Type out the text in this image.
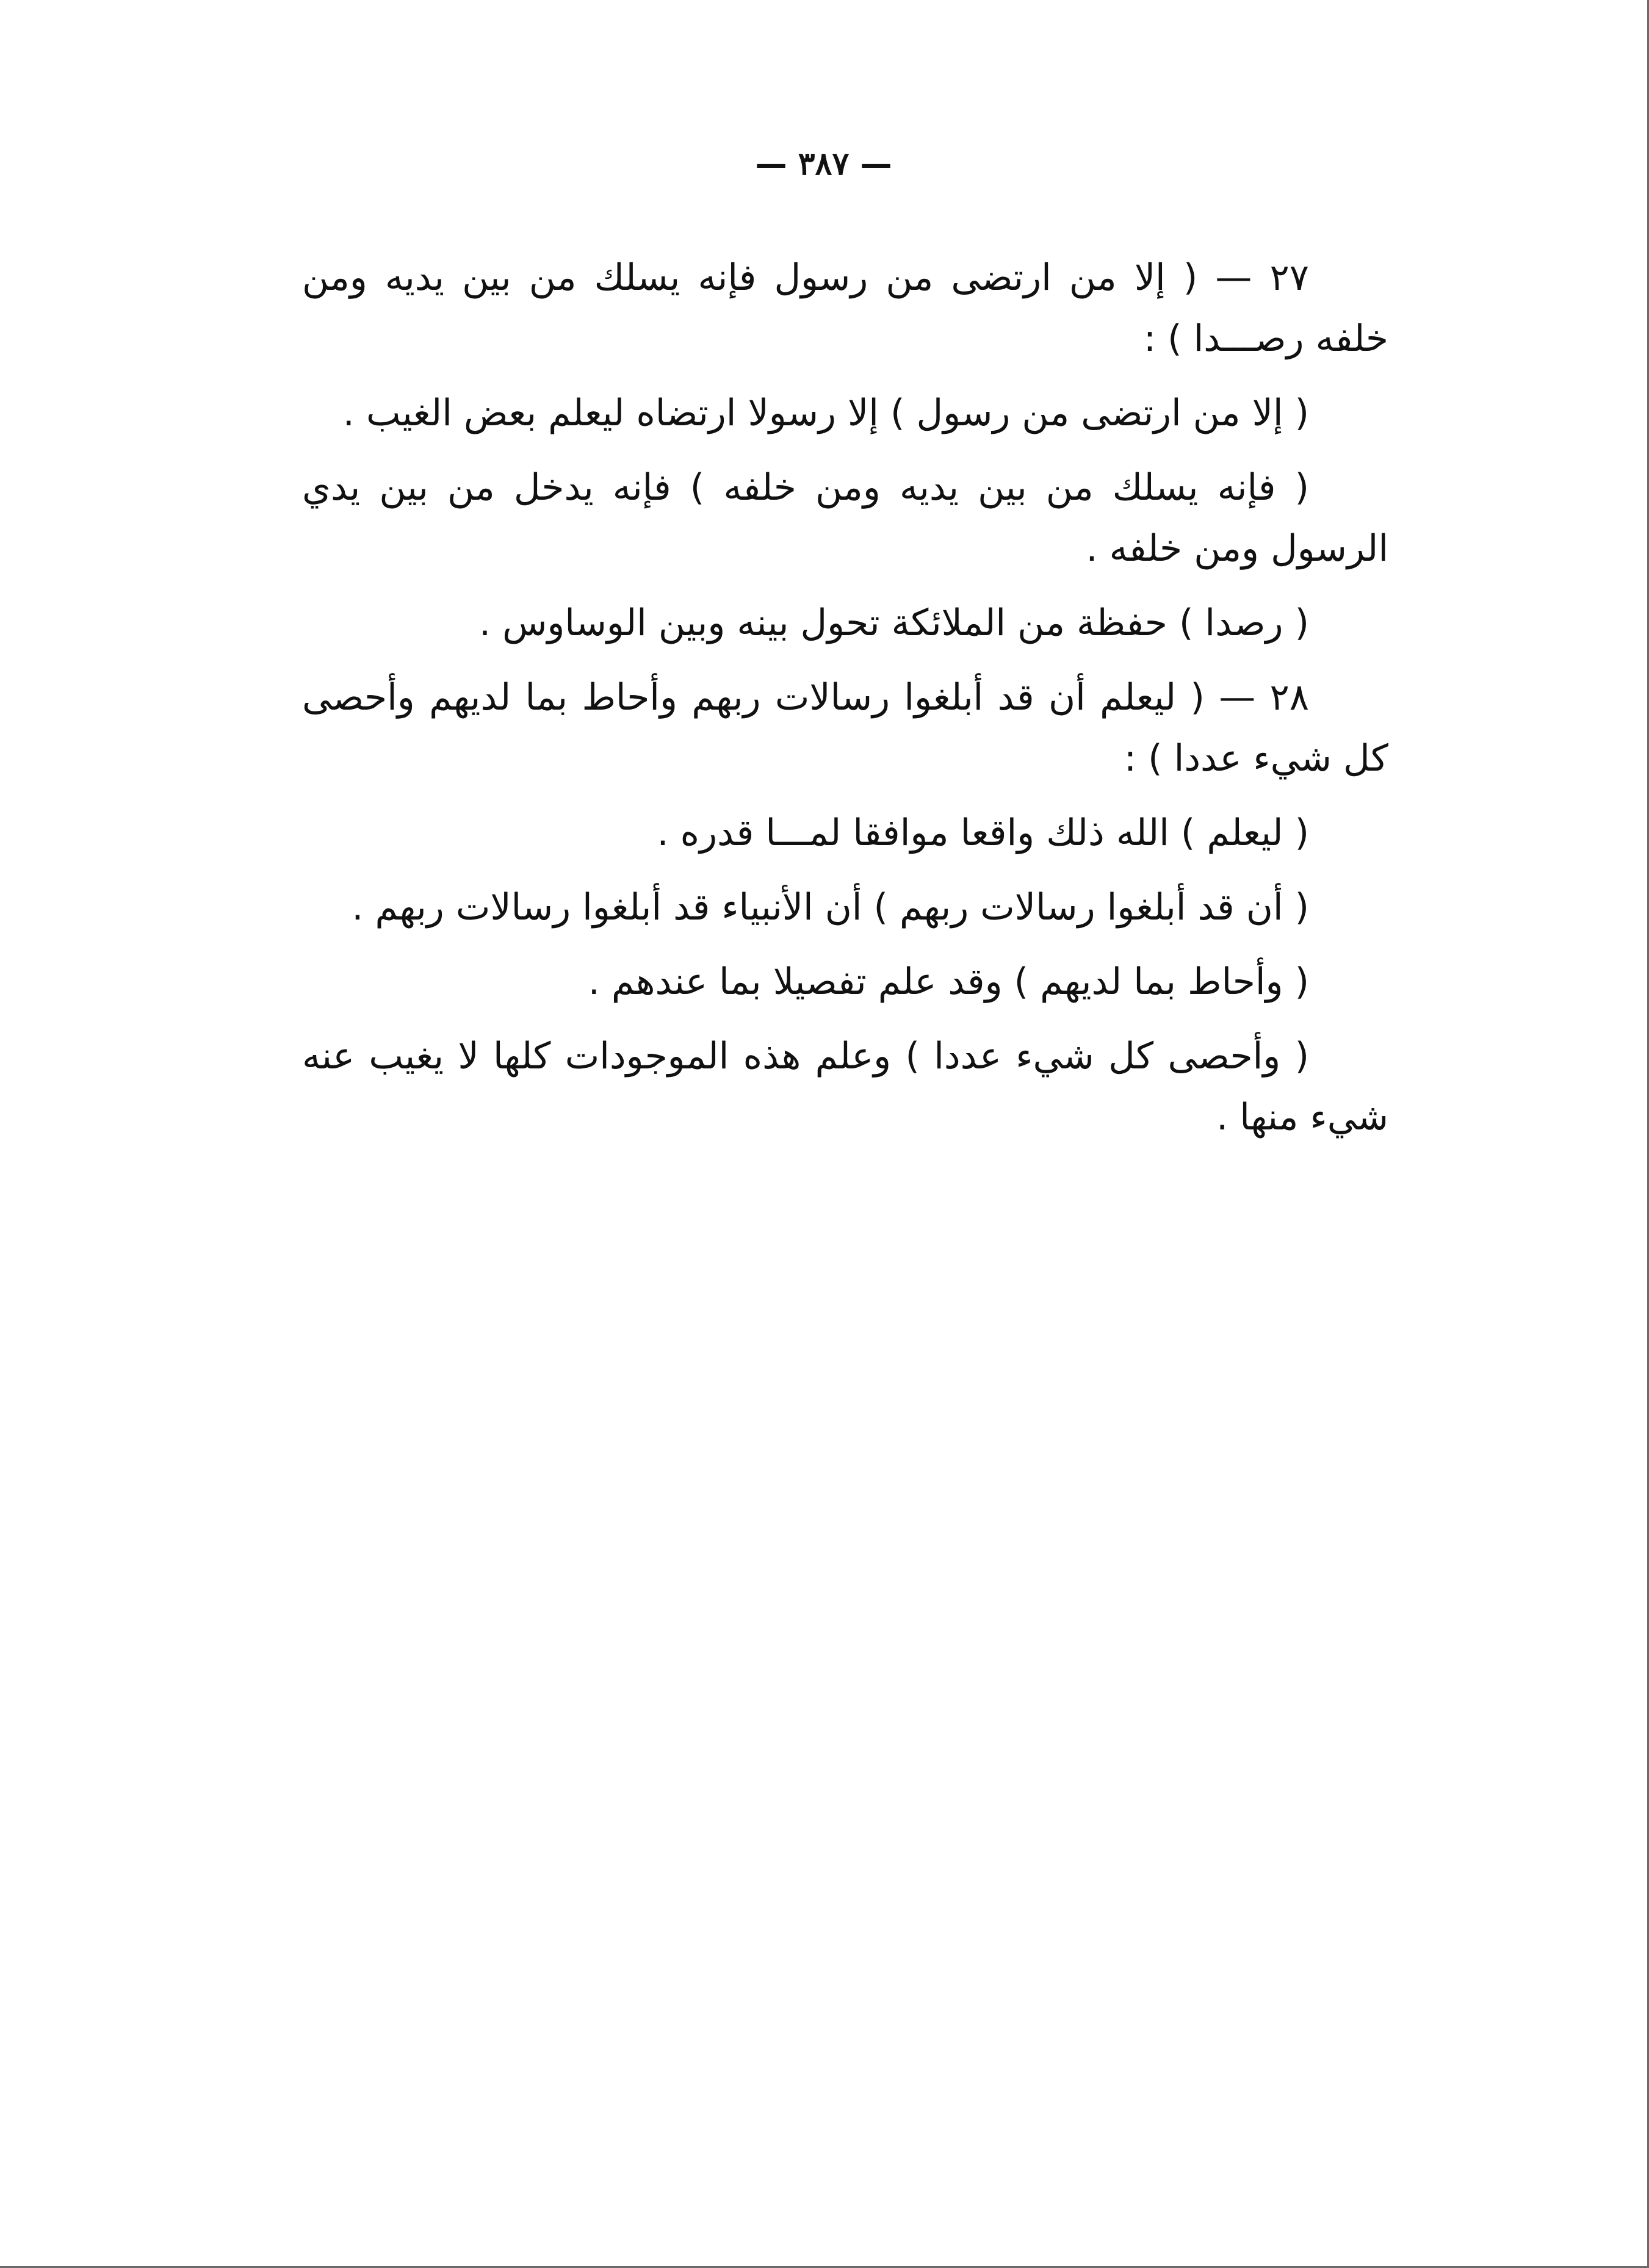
— ٣٨٧ —

٢٧ — ( إلا من ارتضى من رسول فإنه يسلك من بين يديه ومن خلفه رصـــدا ) :

( إلا من ارتضى من رسول ) إلا رسولا ارتضاه ليعلم بعض الغيب .

( فإنه يسلك من بين يديه ومن خلفه ) فإنه يدخل من بين يدي الرسول ومن خلفه .

( رصدا ) حفظة من الملائكة تحول بينه وبين الوساوس .

٢٨ — ( ليعلم أن قد أبلغوا رسالات ربهم وأحاط بما لديهم وأحصى كل شيء عددا ) :

( ليعلم ) الله ذلك واقعا موافقا لمـــا قدره .

( أن قد أبلغوا رسالات ربهم ) أن الأنبياء قد أبلغوا رسالات ربهم .

( وأحاط بما لديهم ) وقد علم تفصيلا بما عندهم .

( وأحصى كل شيء عددا ) وعلم هذه الموجودات كلها لا يغيب عنه شيء منها .
